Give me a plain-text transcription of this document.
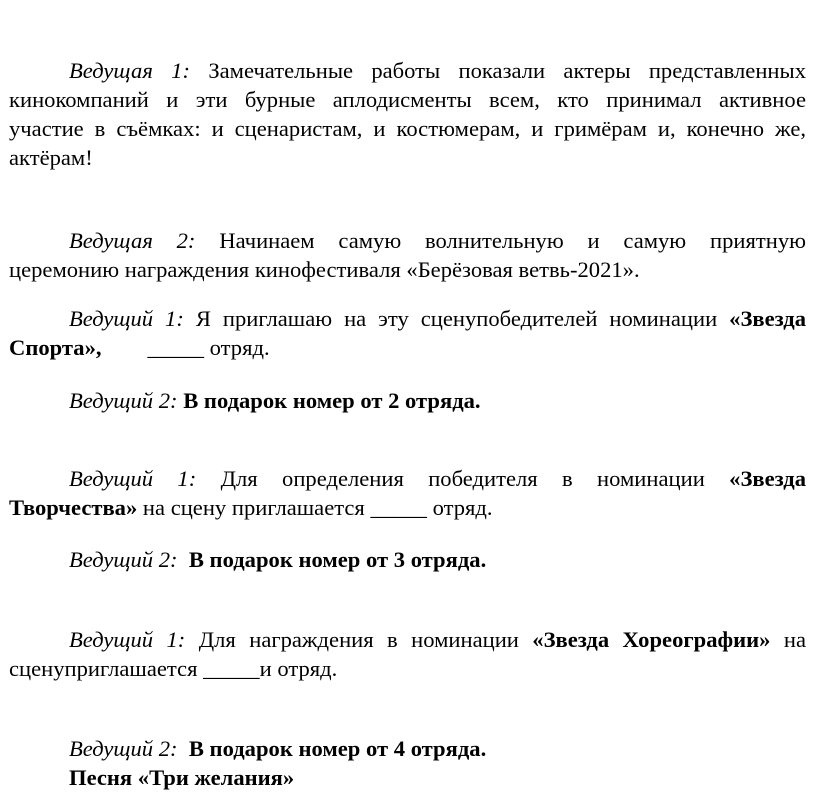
Ведущая 1: Замечательные работы показали актеры представленных
кинокомпаний и эти бурные аплодисменты всем, кто принимал активное
участие в съёмках: и сценаристам, и костюмерам, и гримёрам и, конечно же,
актёрам!
Ведущая 2: Начинаем самую волнительную и самую приятную
церемонию награждения кинофестиваля «Берёзовая ветвь-2021».
Ведущий 1: Я приглашаю на эту сценупобедителей номинации «Звезда
Спорта», _____ отряд.
Ведущий 2: В подарок номер от 2 отряда.
Ведущий 1: Для определения победителя в номинации «Звезда
Творчества» на сцену приглашается _____ отряд.
Ведущий 2: В подарок номер от 3 отряда.
Ведущий 1: Для награждения в номинации «Звезда Хореографии» на
сценуприглашается _____и отряд.
Ведущий 2: В подарок номер от 4 отряда.
Песня «Три желания»
